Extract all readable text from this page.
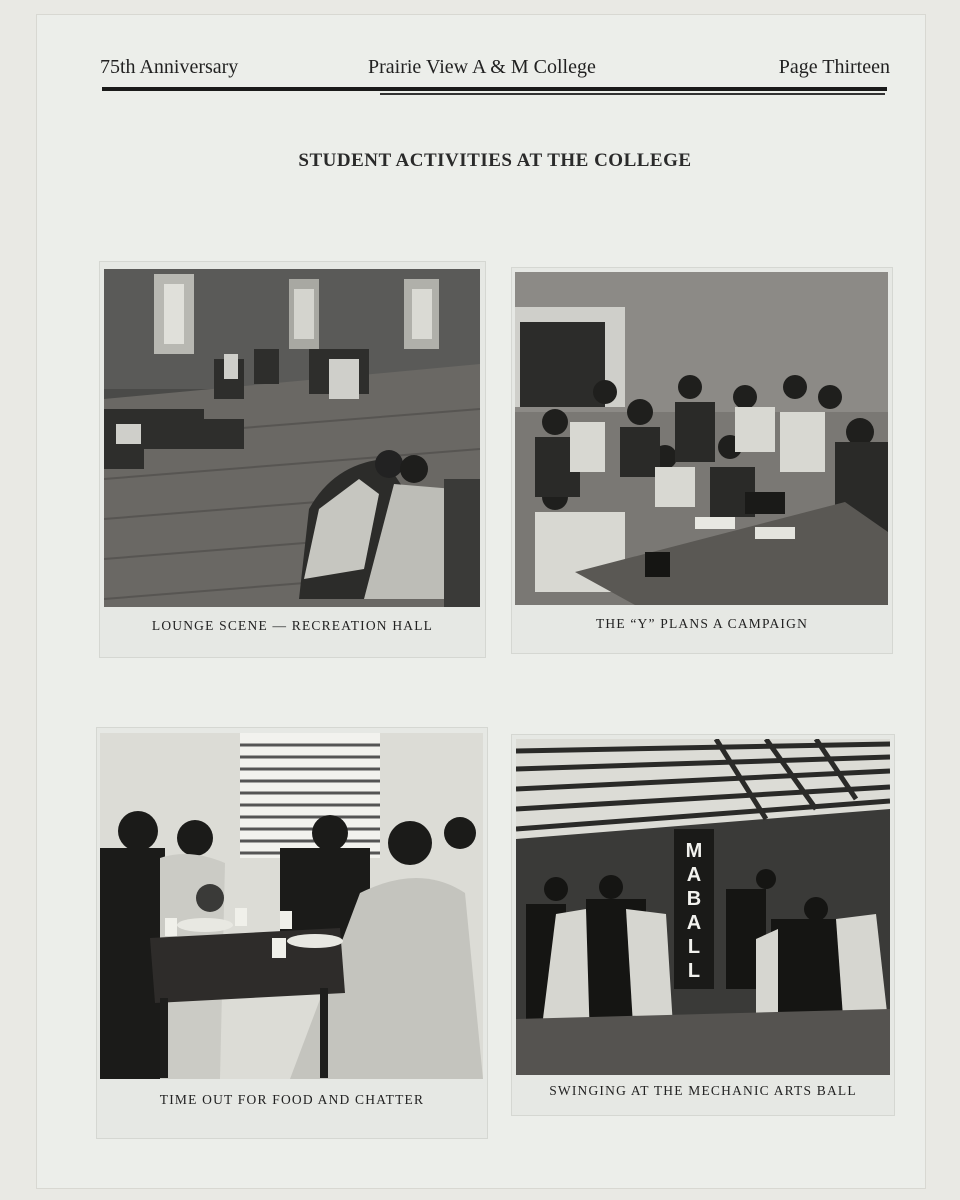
75th Anniversary	Prairie View A & M College	Page Thirteen
STUDENT ACTIVITIES AT THE COLLEGE
LOUNGE SCENE — RECREATION HALL	THE “Y” PLANS A CAMPAIGN
TIME OUT FOR FOOD AND CHATTER
M
A
B
A
L
L
SWINGING AT THE MECHANIC ARTS BALL
